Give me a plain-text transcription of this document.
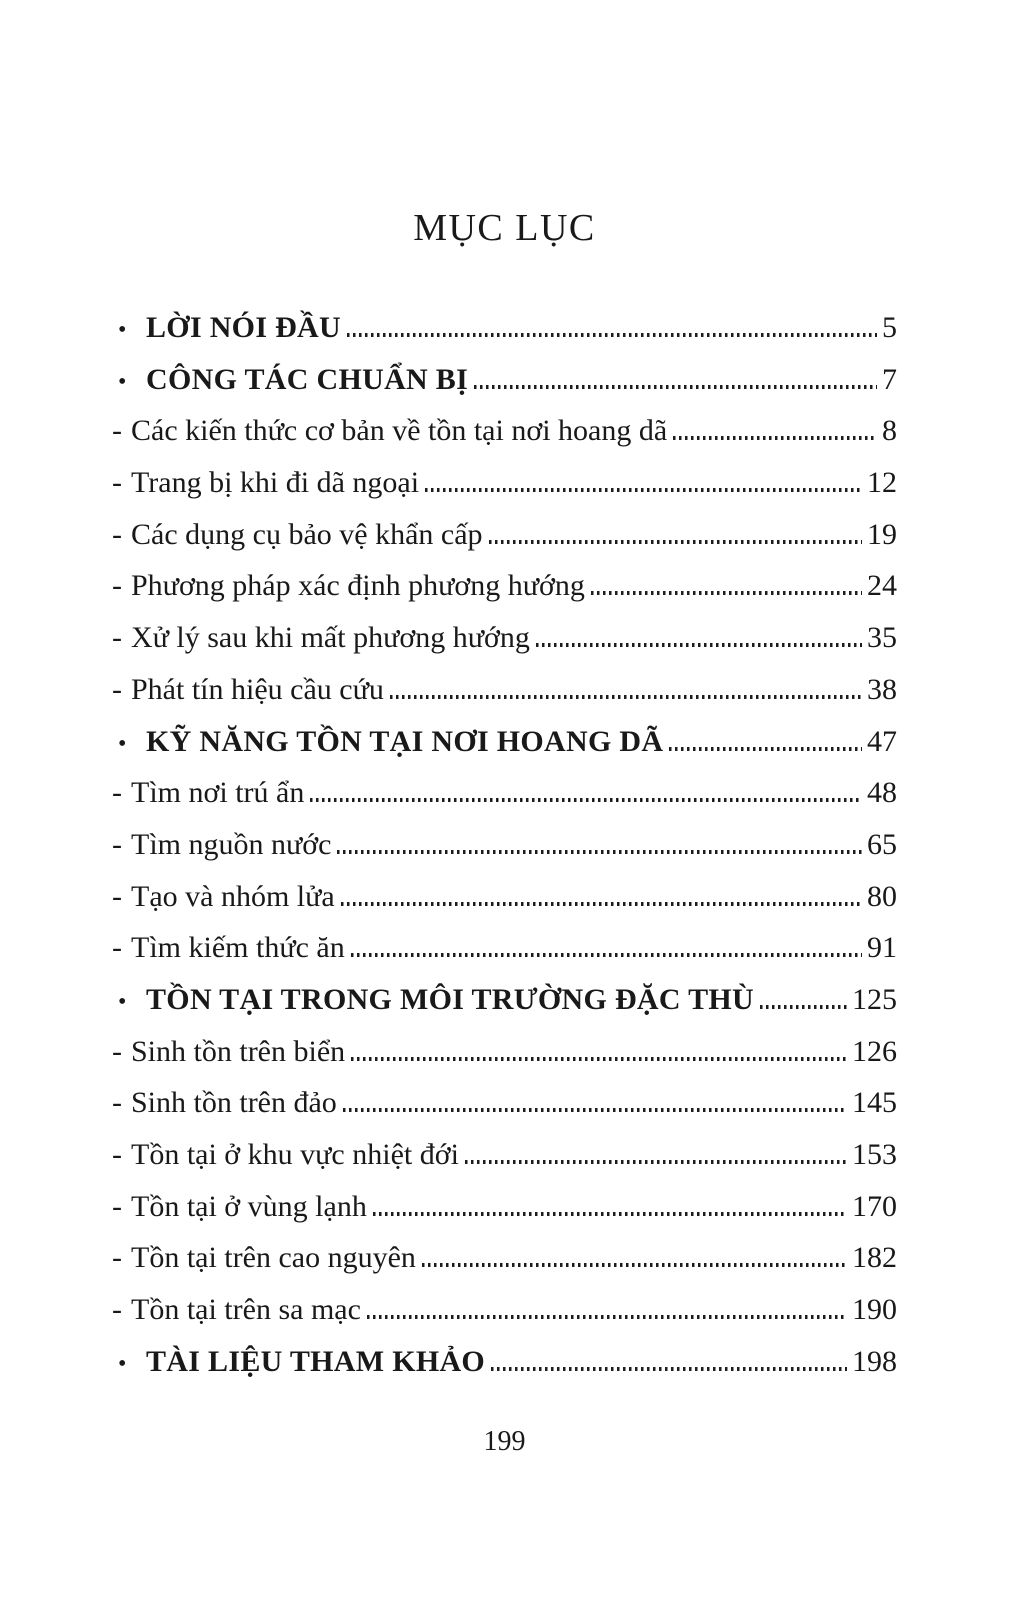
MỤC LỤC
• LỜI NÓI ĐẦU	5
• CÔNG TÁC CHUẨN BỊ	7
- Các kiến thức cơ bản về tồn tại nơi hoang dã	8
- Trang bị khi đi dã ngoại	12
- Các dụng cụ bảo vệ khẩn cấp	19
- Phương pháp xác định phương hướng	24
- Xử lý sau khi mất phương hướng	35
- Phát tín hiệu cầu cứu	38
• KỸ NĂNG TỒN TẠI NƠI HOANG DÃ	47
- Tìm nơi trú ẩn	48
- Tìm nguồn nước	65
- Tạo và nhóm lửa	80
- Tìm kiếm thức ăn	91
• TỒN TẠI TRONG MÔI TRƯỜNG ĐẶC THÙ	125
- Sinh tồn trên biển	126
- Sinh tồn trên đảo	145
- Tồn tại ở khu vực nhiệt đới	153
- Tồn tại ở vùng lạnh	170
- Tồn tại trên cao nguyên	182
- Tồn tại trên sa mạc	190
• TÀI LIỆU THAM KHẢO	198
199
